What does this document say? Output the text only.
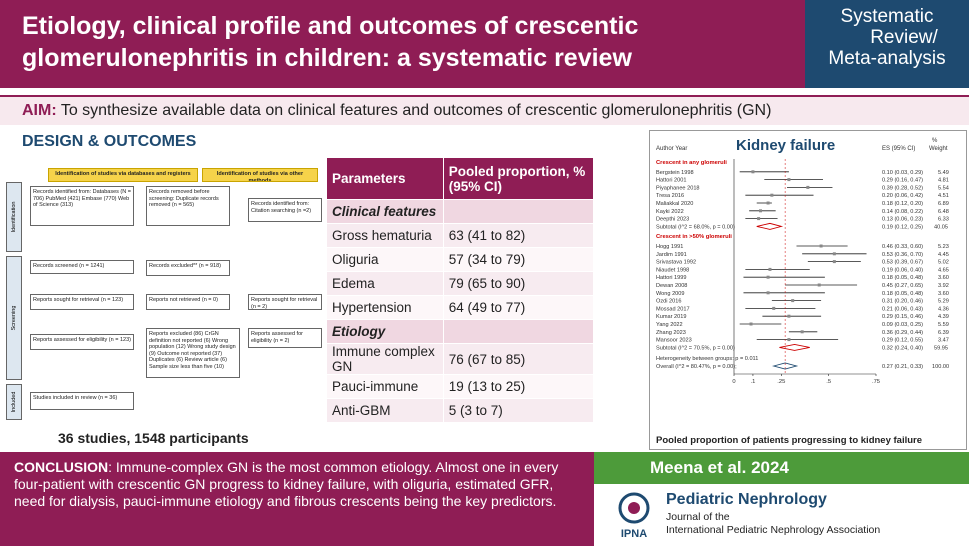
Etiology, clinical profile and outcomes of crescentic glomerulonephritis in children: a systematic review
Systematic
Review/
Meta-analysis
AIM: To synthesize available data on clinical features and outcomes of crescentic glomerulonephritis (GN)
DESIGN & OUTCOMES
Identification of studies via databases and registers	Identification of studies via other methods
Identification
Screening
Included
Records identified from: Databases (N = 706) PubMed (421) Embase (770) Web of Science (313)
Records removed before screening: Duplicate records removed (n = 565)	Records identified from: Citation searching (n =2)
Records screened (n = 1241)	Records excluded** (n = 918)
Reports sought for retrieval (n = 123)	Reports not retrieved (n = 0)	Reports sought for retrieval (n = 2)
Reports assessed for eligibility (n = 123)
Reports excluded (86) CrGN definition not reported (6) Wrong population (12) Wrong study design (9) Outcome not reported (37) Duplicates (6) Review article (6) Sample size less than five (10)
Reports assessed for eligibility (n = 2)
Studies included in review (n = 36)
36 studies, 1548 participants
Parameters	Pooled proportion, % (95% CI)
Clinical features	
Gross hematuria	63 (41 to 82)
Oliguria	57 (34 to 79)
Edema	79 (65 to 90)
Hypertension	64 (49 to 77)
Etiology	
Immune complex GN	76 (67 to 85)
Pauci-immune	19 (13 to 25)
Anti-GBM	5 (3 to 7)
Kidney failure
Author Year	ES (95% CI)
%
Weight
Crescent in any glomeruli
Bergstein 1998	0.10 (0.03, 0.29)	5.49
Hattori 2001	0.29 (0.16, 0.47)	4.81
Piyaphanee 2018	0.39 (0.28, 0.52)	5.54
Tresa 2016	0.20 (0.06, 0.42)	4.51
Maliakkal 2020	0.18 (0.12, 0.20)	6.89
Kayki 2022	0.14 (0.08, 0.22)	6.48
Deepthi 2023	0.13 (0.06, 0.23)	6.33
Subtotal (I^2 = 68.0%, p = 0.00)	0.19 (0.12, 0.25) 40.05
Crescent in >50% glomeruli
Hogg 1991	0.46 (0.33, 0.60)	5.23
Jardim 1991	0.53 (0.36, 0.70)	4.45
Srivastava 1992	0.53 (0.39, 0.67)	5.02
Niaudet 1998	0.19 (0.06, 0.40)	4.65
Hattori 1999	0.18 (0.05, 0.48)	3.60
Dewan 2008	0.45 (0.27, 0.65)	3.92
Wong 2009	0.18 (0.05, 0.48)	3.60
Ozdi 2016	0.31 (0.20, 0.46)	5.29
Mossad 2017	0.21 (0.06, 0.43)	4.36
Kumar 2019	0.29 (0.15, 0.46)	4.39
Yang 2022	0.09 (0.03, 0.25)	5.59
Zhang 2023	0.36 (0.29, 0.44)	6.39
Mansoor 2023	0.29 (0.12, 0.55)	3.47
Subtotal (I^2 = 70.5%, p = 0.00)	0.32 (0.24, 0.40) 59.95
Heterogeneity between groups: p = 0.011
Overall (I^2 = 80.47%, p = 0.00);	0.27 (0.21, 0.33) 100.00
0	.1	.25	.5	.75
Pooled proportion of patients progressing to kidney failure
CONCLUSION: Immune-complex GN is the most common etiology. Almost one in every four-patient with crescentic GN progress to kidney failure, with oliguria, estimated GFR, need for dialysis, pauci-immune etiology and fibrous crescents being the key predictors.
Meena et al. 2024
IPNA
Pediatric Nephrology
Journal of the
International Pediatric Nephrology Association
